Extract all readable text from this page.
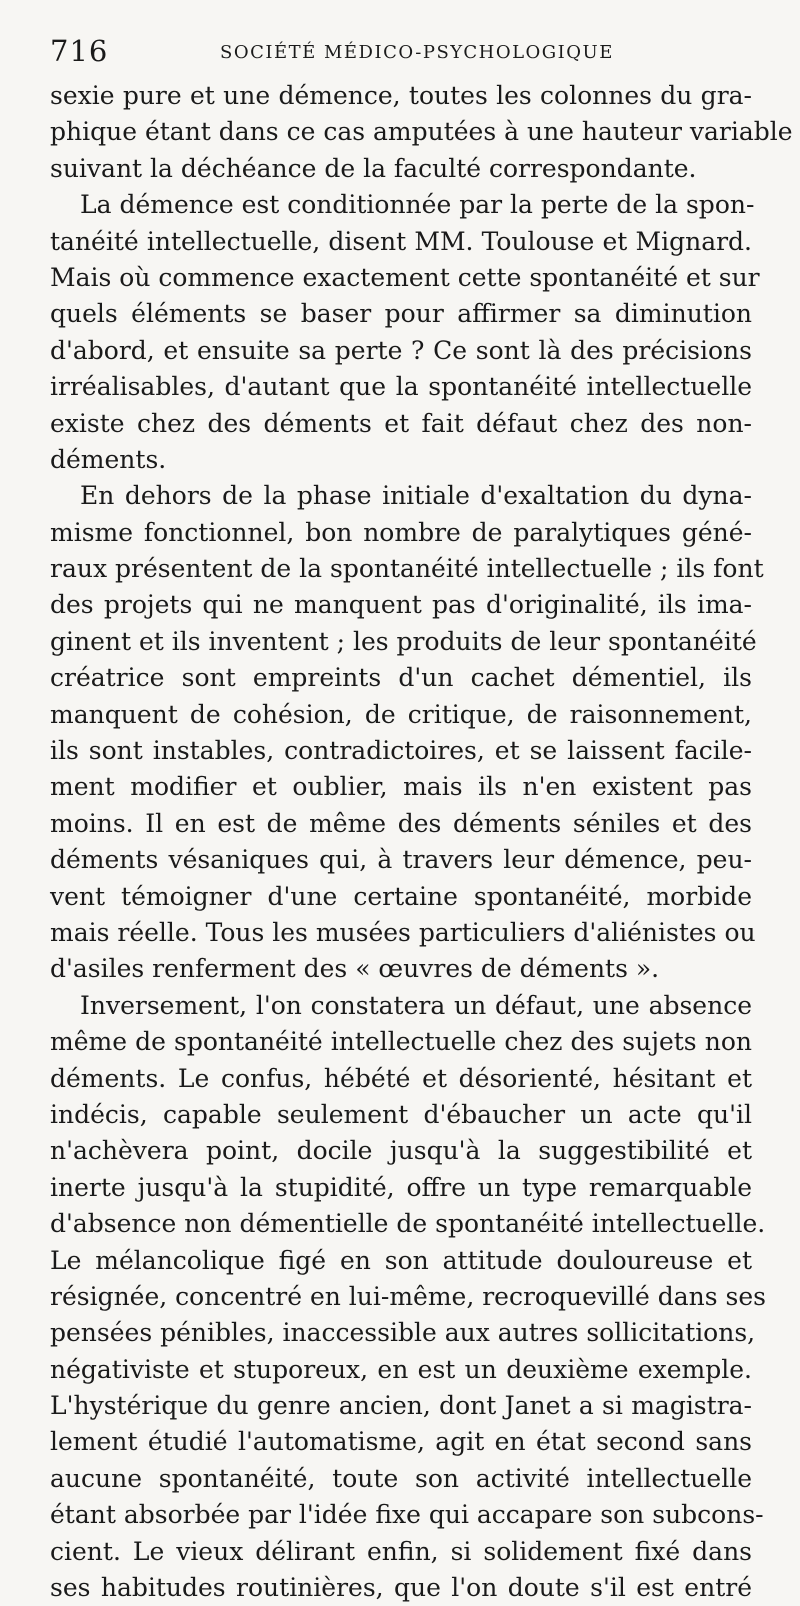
716	SOCIÉTÉ MÉDICO-PSYCHOLOGIQUE
sexie pure et une démence, toutes les colonnes du gra-
phique étant dans ce cas amputées à une hauteur variable
suivant la déchéance de la faculté correspondante.
La démence est conditionnée par la perte de la spon-
tanéité intellectuelle, disent MM. Toulouse et Mignard.
Mais où commence exactement cette spontanéité et sur
quels éléments se baser pour affirmer sa diminution
d'abord, et ensuite sa perte ? Ce sont là des précisions
irréalisables, d'autant que la spontanéité intellectuelle
existe chez des déments et fait défaut chez des non-
déments.
En dehors de la phase initiale d'exaltation du dyna-
misme fonctionnel, bon nombre de paralytiques géné-
raux présentent de la spontanéité intellectuelle ; ils font
des projets qui ne manquent pas d'originalité, ils ima-
ginent et ils inventent ; les produits de leur spontanéité
créatrice sont empreints d'un cachet démentiel, ils
manquent de cohésion, de critique, de raisonnement,
ils sont instables, contradictoires, et se laissent facile-
ment modifier et oublier, mais ils n'en existent pas
moins. Il en est de même des déments séniles et des
déments vésaniques qui, à travers leur démence, peu-
vent témoigner d'une certaine spontanéité, morbide
mais réelle. Tous les musées particuliers d'aliénistes ou
d'asiles renferment des « œuvres de déments ».
Inversement, l'on constatera un défaut, une absence
même de spontanéité intellectuelle chez des sujets non
déments. Le confus, hébété et désorienté, hésitant et
indécis, capable seulement d'ébaucher un acte qu'il
n'achèvera point, docile jusqu'à la suggestibilité et
inerte jusqu'à la stupidité, offre un type remarquable
d'absence non démentielle de spontanéité intellectuelle.
Le mélancolique figé en son attitude douloureuse et
résignée, concentré en lui-même, recroquevillé dans ses
pensées pénibles, inaccessible aux autres sollicitations,
négativiste et stuporeux, en est un deuxième exemple.
L'hystérique du genre ancien, dont Janet a si magistra-
lement étudié l'automatisme, agit en état second sans
aucune spontanéité, toute son activité intellectuelle
étant absorbée par l'idée fixe qui accapare son subcons-
cient. Le vieux délirant enfin, si solidement fixé dans
ses habitudes routinières, que l'on doute s'il est entré
